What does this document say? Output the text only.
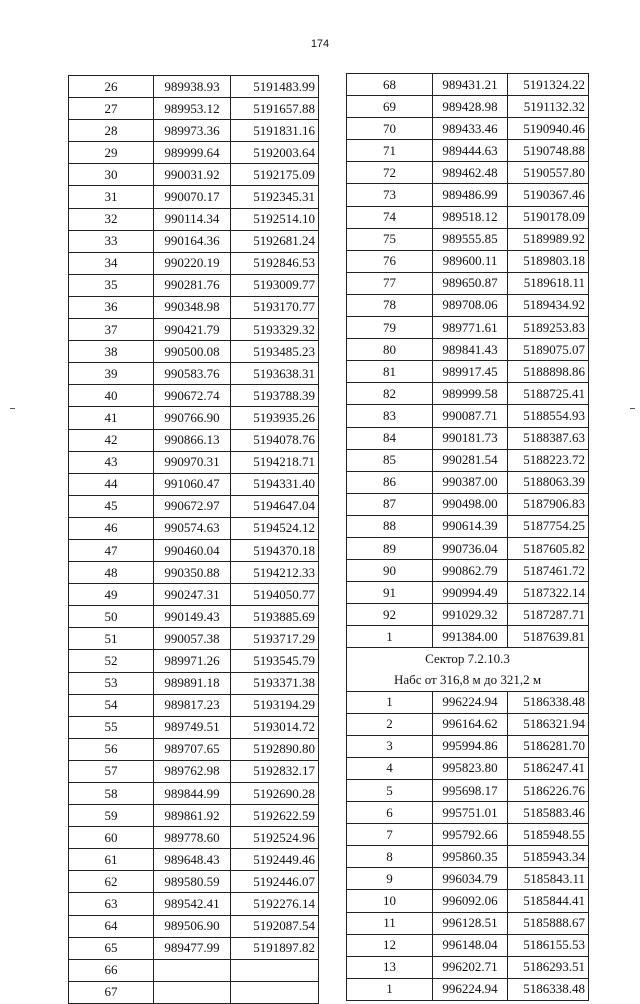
174
26	989938.93	5191483.99
27	989953.12	5191657.88
28	989973.36	5191831.16
29	989999.64	5192003.64
30	990031.92	5192175.09
31	990070.17	5192345.31
32	990114.34	5192514.10
33	990164.36	5192681.24
34	990220.19	5192846.53
35	990281.76	5193009.77
36	990348.98	5193170.77
37	990421.79	5193329.32
38	990500.08	5193485.23
39	990583.76	5193638.31
40	990672.74	5193788.39
41	990766.90	5193935.26
42	990866.13	5194078.76
43	990970.31	5194218.71
44	991060.47	5194331.40
45	990672.97	5194647.04
46	990574.63	5194524.12
47	990460.04	5194370.18
48	990350.88	5194212.33
49	990247.31	5194050.77
50	990149.43	5193885.69
51	990057.38	5193717.29
52	989971.26	5193545.79
53	989891.18	5193371.38
54	989817.23	5193194.29
55	989749.51	5193014.72
56	989707.65	5192890.80
57	989762.98	5192832.17
58	989844.99	5192690.28
59	989861.92	5192622.59
60	989778.60	5192524.96
61	989648.43	5192449.46
62	989580.59	5192446.07
63	989542.41	5192276.14
64	989506.90	5192087.54
65	989477.99	5191897.82
66		
67		
68	989431.21	5191324.22
69	989428.98	5191132.32
70	989433.46	5190940.46
71	989444.63	5190748.88
72	989462.48	5190557.80
73	989486.99	5190367.46
74	989518.12	5190178.09
75	989555.85	5189989.92
76	989600.11	5189803.18
77	989650.87	5189618.11
78	989708.06	5189434.92
79	989771.61	5189253.83
80	989841.43	5189075.07
81	989917.45	5188898.86
82	989999.58	5188725.41
83	990087.71	5188554.93
84	990181.73	5188387.63
85	990281.54	5188223.72
86	990387.00	5188063.39
87	990498.00	5187906.83
88	990614.39	5187754.25
89	990736.04	5187605.82
90	990862.79	5187461.72
91	990994.49	5187322.14
92	991029.32	5187287.71
1	991384.00	5187639.81
Сектор 7.2.10.3		
Набс от 316,8 м до 321,2 м		
1	996224.94	5186338.48
2	996164.62	5186321.94
3	995994.86	5186281.70
4	995823.80	5186247.41
5	995698.17	5186226.76
6	995751.01	5185883.46
7	995792.66	5185948.55
8	995860.35	5185943.34
9	996034.79	5185843.11
10	996092.06	5185844.41
11	996128.51	5185888.67
12	996148.04	5186155.53
13	996202.71	5186293.51
1	996224.94	5186338.48
